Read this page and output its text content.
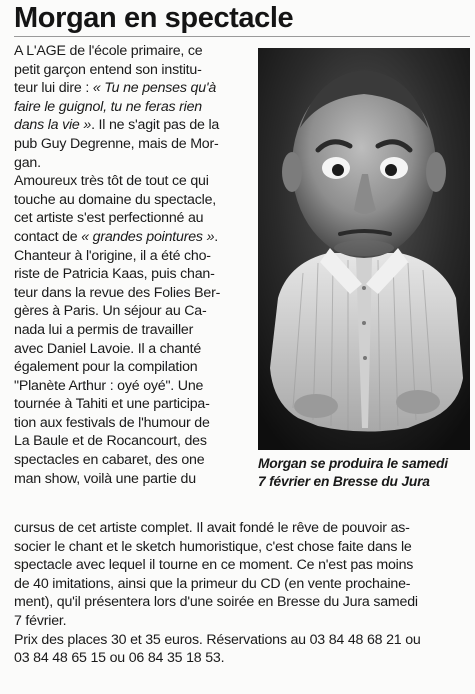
Morgan en spectacle

A L'AGE de l'école primaire, ce

petit garçon entend son institu-

teur lui dire : « Tu ne penses qu'à

faire le guignol, tu ne feras rien

dans la vie ». Il ne s'agit pas de la

pub Guy Degrenne, mais de Mor-

gan.

Amoureux très tôt de tout ce qui

touche au domaine du spectacle,

cet artiste s'est perfectionné au

contact de « grandes pointures ».

Chanteur à l'origine, il a été cho-

riste de Patricia Kaas, puis chan-

teur dans la revue des Folies Ber-

gères à Paris. Un séjour au Ca-

nada lui a permis de travailler

avec Daniel Lavoie. Il a chanté

également pour la compilation

"Planète Arthur : oyé oyé". Une

tournée à Tahiti et une participa-

tion aux festivals de l'humour de

La Baule et de Rocancourt, des

spectacles en cabaret, des one

man show, voilà une partie du

Morgan se produira le samedi
7 février en Bresse du Jura

cursus de cet artiste complet. Il avait fondé le rêve de pouvoir as-

socier le chant et le sketch humoristique, c'est chose faite dans le

spectacle avec lequel il tourne en ce moment. Ce n'est pas moins

de 40 imitations, ainsi que la primeur du CD (en vente prochaine-

ment), qu'il présentera lors d'une soirée en Bresse du Jura samedi

7 février.

Prix des places 30 et 35 euros. Réservations au 03 84 48 68 21 ou

03 84 48 65 15 ou 06 84 35 18 53.
